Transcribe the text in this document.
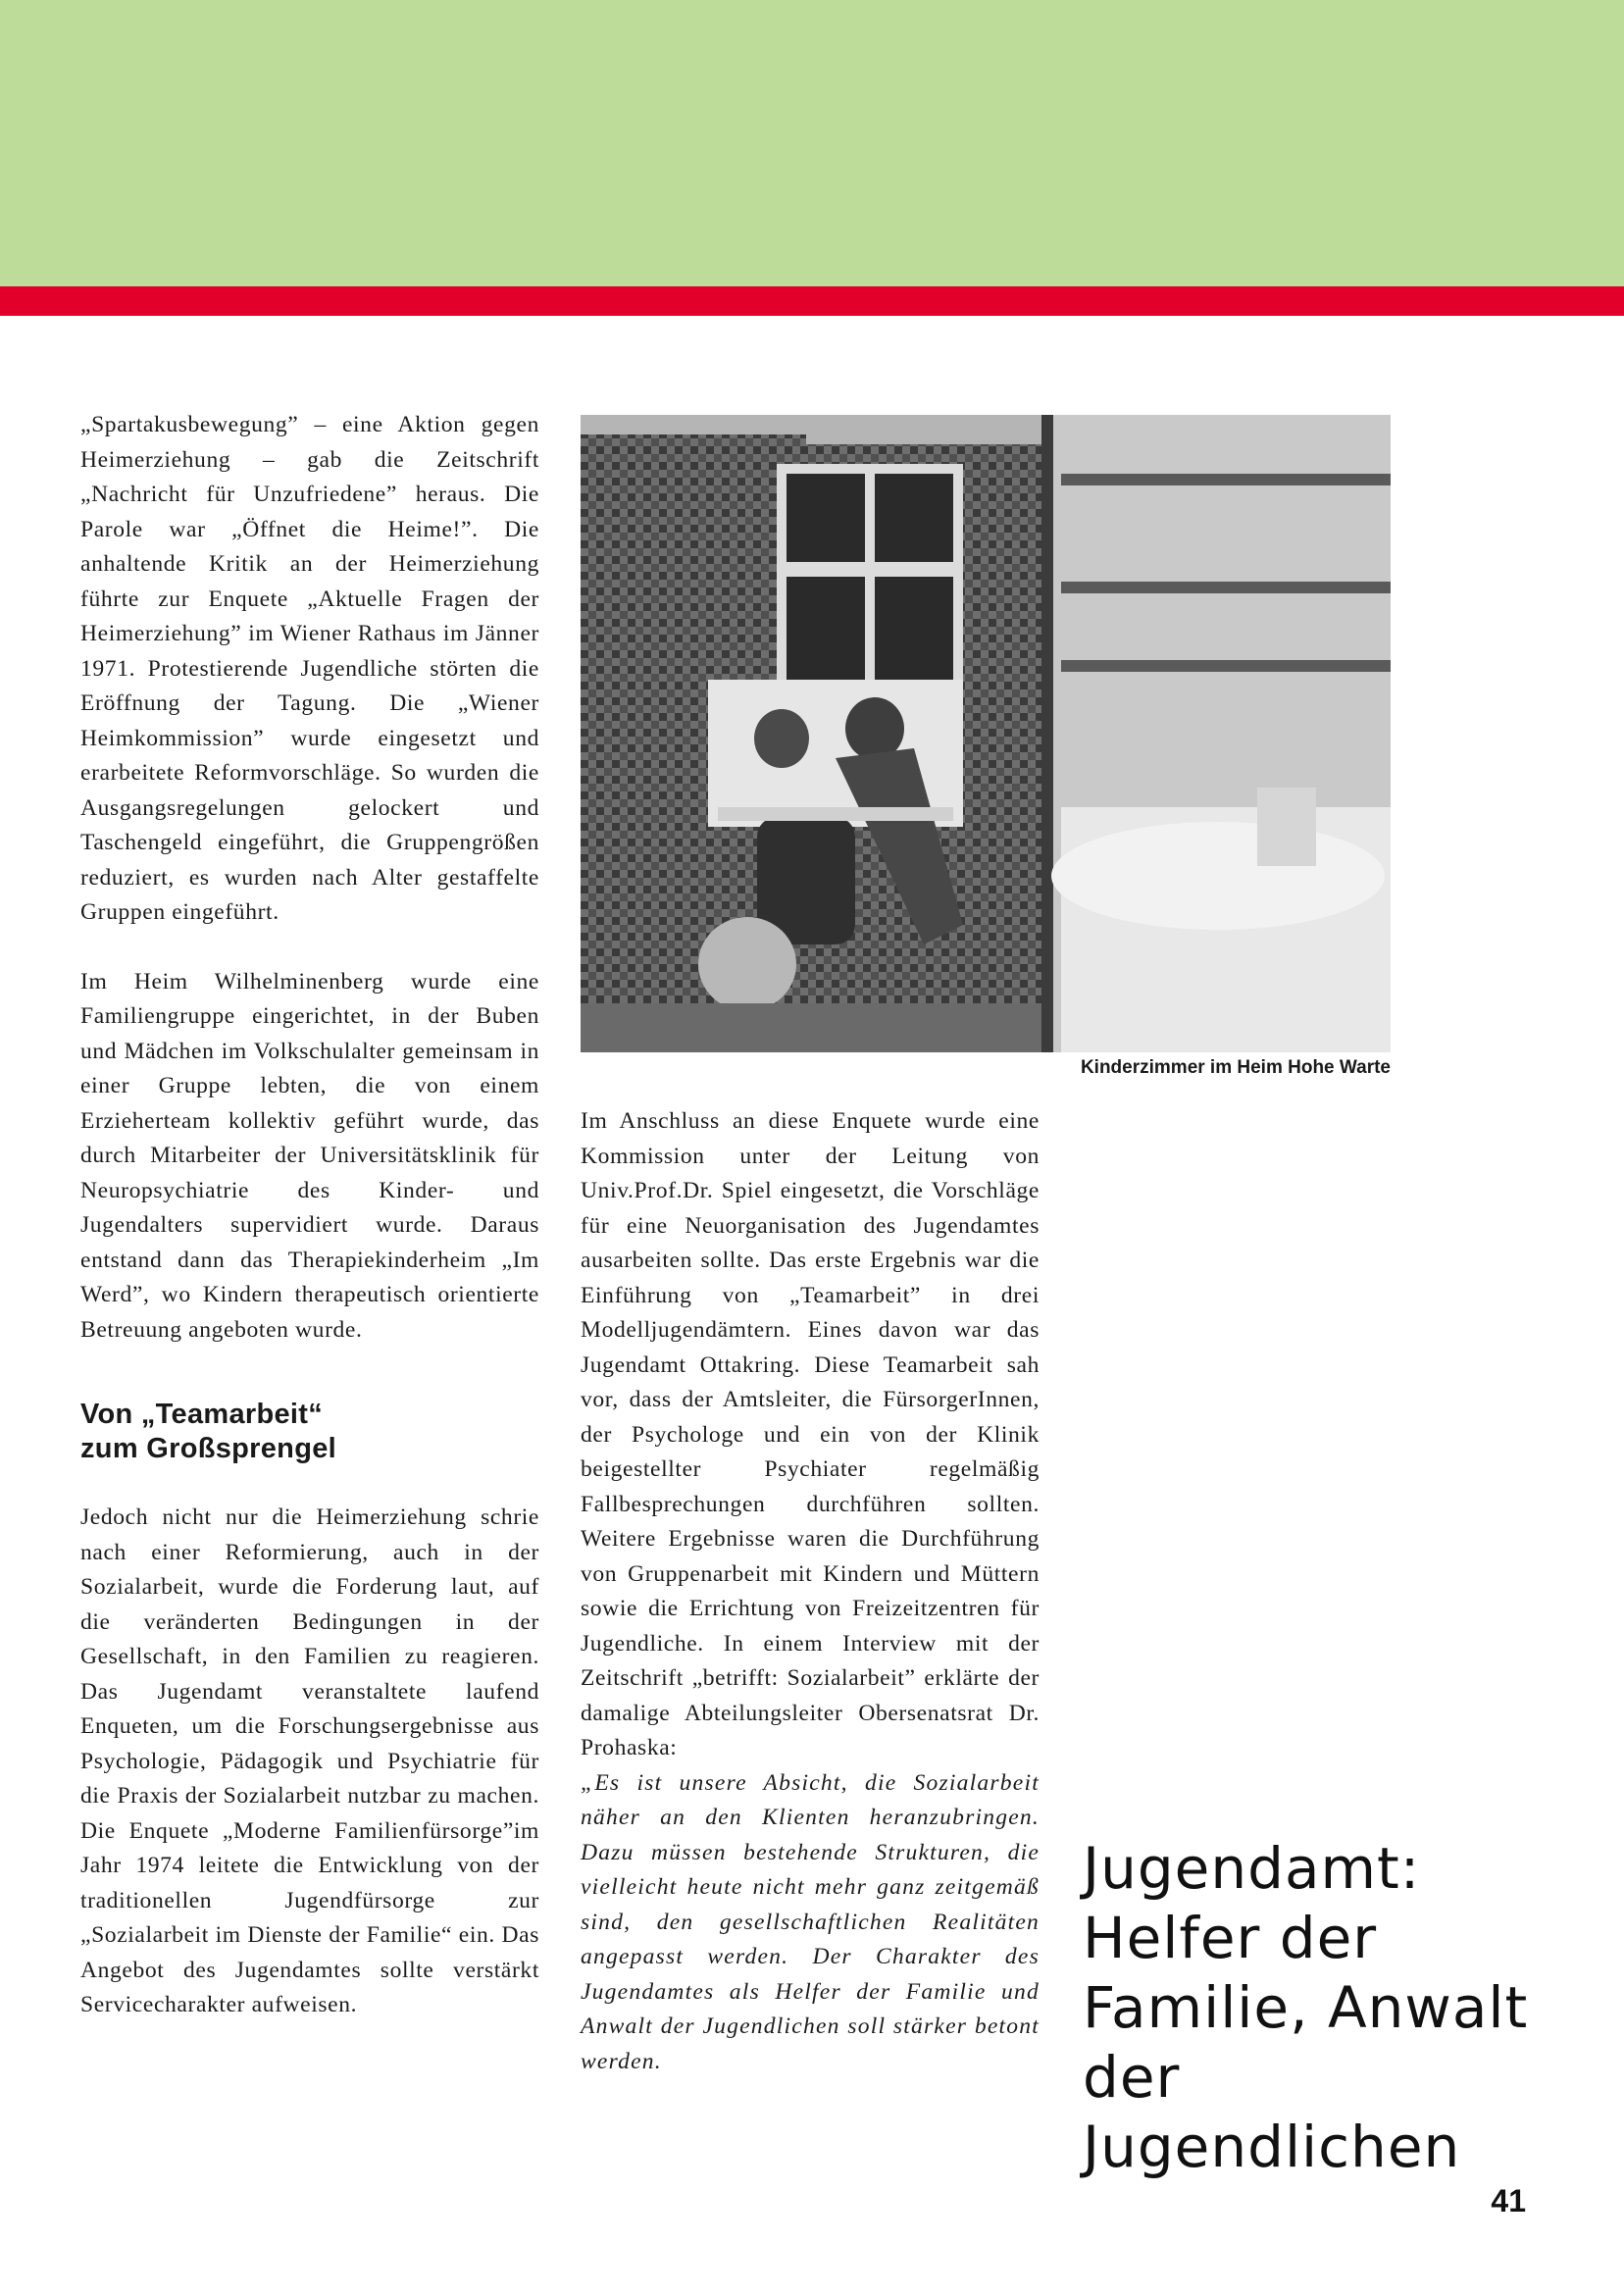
„Spartakusbewegung” – eine Aktion gegen Heimerziehung – gab die Zeitschrift „Nachricht für Unzufriedene” heraus. Die Parole war „Öffnet die Heime!”. Die anhaltende Kritik an der Heimerziehung führte zur Enquete „Aktuelle Fragen der Heimerziehung” im Wiener Rathaus im Jänner 1971. Protestierende Jugendliche störten die Eröffnung der Tagung. Die „Wiener Heimkommission” wurde eingesetzt und erarbeitete Reformvorschläge. So wurden die Ausgangsregelungen gelockert und Taschengeld eingeführt, die Gruppengrößen reduziert, es wurden nach Alter gestaffelte Gruppen eingeführt.

Im Heim Wilhelminenberg wurde eine Familiengruppe eingerichtet, in der Buben und Mädchen im Volkschulalter gemeinsam in einer Gruppe lebten, die von einem Erzieherteam kollektiv geführt wurde, das durch Mitarbeiter der Universitätsklinik für Neuropsychiatrie des Kinder- und Jugendalters supervidiert wurde. Daraus entstand dann das Therapiekinderheim „Im Werd”, wo Kindern therapeutisch orientierte Betreuung angeboten wurde.

Von „Teamarbeit“
zum Großsprengel

Jedoch nicht nur die Heimerziehung schrie nach einer Reformierung, auch in der Sozialarbeit, wurde die Forderung laut, auf die veränderten Bedingungen in der Gesellschaft, in den Familien zu reagieren. Das Jugendamt veranstaltete laufend Enqueten, um die Forschungsergebnisse aus Psychologie, Pädagogik und Psychiatrie für die Praxis der Sozialarbeit nutzbar zu machen. Die Enquete „Moderne Familienfürsorge”im Jahr 1974 leitete die Entwicklung von der traditionellen Jugendfürsorge zur „Sozialarbeit im Dienste der Familie“ ein. Das Angebot des Jugendamtes sollte verstärkt Servicecharakter aufweisen.

Kinderzimmer im Heim Hohe Warte

Im Anschluss an diese Enquete wurde eine Kommission unter der Leitung von Univ.Prof.Dr. Spiel eingesetzt, die Vorschläge für eine Neuorganisation des Jugendamtes ausarbeiten sollte. Das erste Ergebnis war die Einführung von „Teamarbeit” in drei Modelljugendämtern. Eines davon war das Jugendamt Ottakring. Diese Teamarbeit sah vor, dass der Amtsleiter, die FürsorgerInnen, der Psychologe und ein von der Klinik beigestellter Psychiater regelmäßig Fallbesprechungen durchführen sollten. Weitere Ergebnisse waren die Durchführung von Gruppenarbeit mit Kindern und Müttern sowie die Errichtung von Freizeitzentren für Jugendliche. In einem Interview mit der Zeitschrift „betrifft: Sozialarbeit” erklärte der damalige Abteilungsleiter Obersenatsrat Dr. Prohaska:

„Es ist unsere Absicht, die Sozialarbeit näher an den Klienten heranzubringen. Dazu müssen bestehende Strukturen, die vielleicht heute nicht mehr ganz zeitgemäß sind, den gesellschaftlichen Realitäten angepasst werden. Der Charakter des Jugendamtes als Helfer der Familie und Anwalt der Jugendlichen soll stärker betont werden.

Jugendamt:
Helfer der
Familie, Anwalt
der Jugendlichen
41
